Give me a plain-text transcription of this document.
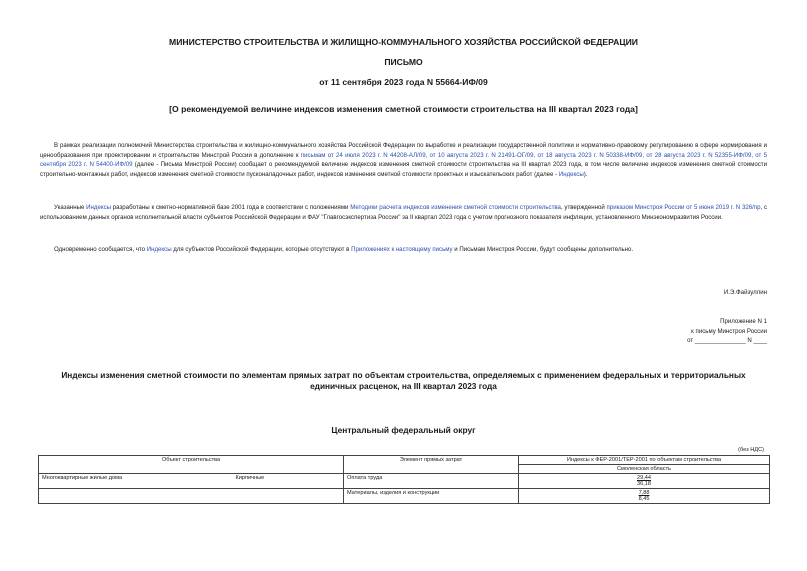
МИНИСТЕРСТВО СТРОИТЕЛЬСТВА И ЖИЛИЩНО-КОММУНАЛЬНОГО ХОЗЯЙСТВА РОССИЙСКОЙ ФЕДЕРАЦИИ
ПИСЬМО
от 11 сентября 2023 года N 55664-ИФ/09
[О рекомендуемой величине индексов изменения сметной стоимости строительства на III квартал 2023 года]
В рамках реализации полномочий Министерства строительства и жилищно-коммунального хозяйства Российской Федерации по выработке и реализации государственной политики и нормативно-правовому регулированию в сфере нормирования и ценообразования при проектировании и строительстве Минстрой России в дополнение к письмам от 24 июля 2023 г. N 44208-АЛ/09, от 10 августа 2023 г. N 21491-ОГ/09, от 18 августа 2023 г. N 50338-ИФ/09, от 28 августа 2023 г. N 52355-ИФ/09, от 5 сентября 2023 г. N 54400-ИФ/09 (далее - Письма Минстрой России) сообщает о рекомендуемой величине индексов изменения сметной стоимости строительства на III квартал 2023 года, в том числе величине индексов изменения сметной стоимости строительно-монтажных работ, индексов изменения сметной стоимости пусконаладочных работ, индексов изменения сметной стоимости проектных и изыскательских работ (далее - Индексы).
Указанные Индексы разработаны к сметно-нормативной базе 2001 года в соответствии с положениями Методики расчета индексов изменения сметной стоимости строительства, утвержденной приказом Минстроя России от 5 июня 2019 г. N 326/пр, с использованием данных органов исполнительной власти субъектов Российской Федерации и ФАУ "Главгосэкспертиза России" за II квартал 2023 года с учетом прогнозного показателя инфляции, установленного Минэкономразвития России.
Одновременно сообщается, что Индексы для субъектов Российской Федерации, которые отсутствуют в Приложениях к настоящему письму и Письмам Минстроя России, будут сообщены дополнительно.
И.Э.Файзуллин
Приложение N 1
к письму Минстроя России
от _______________ N ____
Индексы изменения сметной стоимости по элементам прямых затрат по объектам строительства, определяемых с применением федеральных и территориальных единичных расценок, на III квартал 2023 года
Центральный федеральный округ
(без НДС)
Объект строительства		Элемент прямых затрат	Индексы к ФЕР-2001/ТЕР-2001 по объектам строительства
			Смоленская область
Многоквартирные жилые дома	Кирпичные	Оплата труда	29,44
36,18

		Материалы, изделия и конструкции	7,88
8,45
